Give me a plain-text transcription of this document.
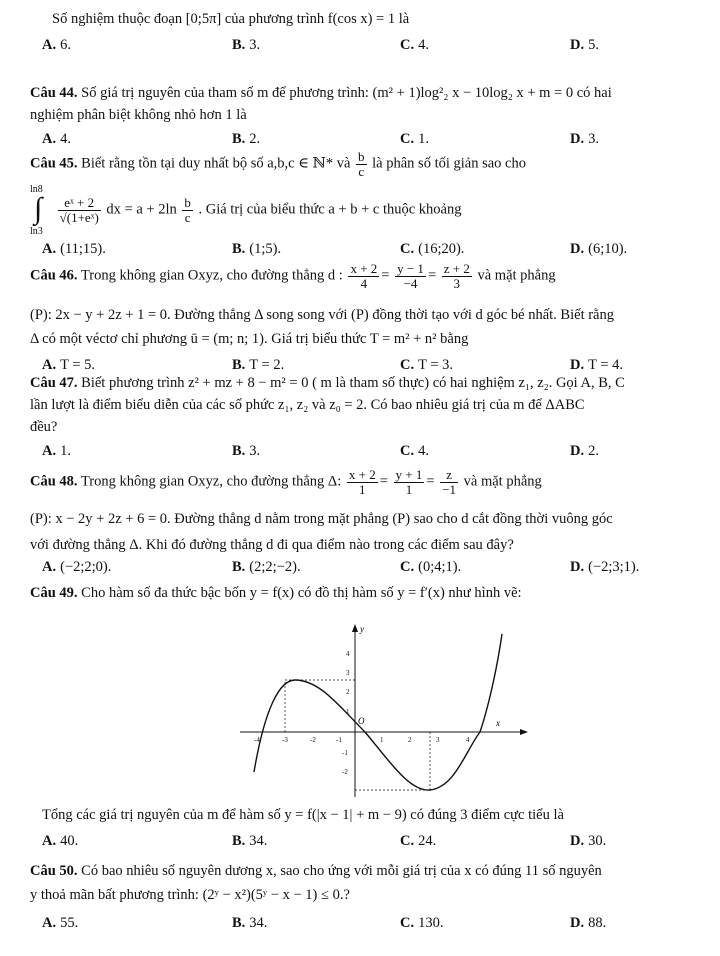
Số nghiệm thuộc đoạn [0;5π] của phương trình f(cos x) = 1 là
A. 6.	B. 3.	C. 4.	D. 5.
Câu 44. Số giá trị nguyên của tham số m để phương trình: (m² + 1)log²₂ x − 10log₂ x + m = 0 có hai
nghiệm phân biệt không nhỏ hơn 1 là
A. 4.	B. 2.	C. 1.	D. 3.
Câu 45. Biết rằng tồn tại duy nhất bộ số a,b,c ∈ ℕ* và $\frac{b}{c}$ là phân số tối giản sao cho
ln8
∫
ln3

$\frac{\text{eˣ + 2}}{\text{√(1+eˣ)}}$ dx = $a + 2\ln \frac{b}{c}$ . Giá trị của biểu thức a + b + c thuộc khoảng
A. (11;15).	B. (1;5).	C. (16;20).	D. (6;10).
Câu 46. Trong không gian Oxyz, cho đường thẳng d : $\frac{x + 2}{4} = \frac{y - 1}{-4} = \frac{z + 2}{3}$ và mặt phẳng
(P): 2x − y + 2z + 1 = 0. Đường thẳng Δ song song với (P) đồng thời tạo với d góc bé nhất. Biết rằng
Δ có một véctơ chỉ phương ū = (m; n; 1). Giá trị biểu thức T = m² + n² bằng
A. T = 5.	B. T = 2.	C. T = 3.	D. T = 4.
Câu 47. Biết phương trình z² + mz + 8 − m² = 0 ( m là tham số thực) có hai nghiệm z₁, z₂. Gọi A, B, C
lần lượt là điểm biểu diễn của các số phức z₁, z₂ và z₀ = 2. Có bao nhiêu giá trị của m để ΔABC
đều?
A. 1.	B. 3.	C. 4.	D. 2.
Câu 48. Trong không gian Oxyz, cho đường thẳng Δ: $\frac{x + 2}{1} = \frac{y + 1}{1} = \frac{z}{-1}$ và mặt phẳng
(P): x − 2y + 2z + 6 = 0. Đường thẳng d nằm trong mặt phẳng (P) sao cho d cắt đồng thời vuông góc
với đường thẳng Δ. Khi đó đường thẳng d đi qua điểm nào trong các điểm sau đây?
A. (−2;2;0).	B. (2;2;−2).	C. (0;4;1).	D. (−2;3;1).
Câu 49. Cho hàm số đa thức bậc bốn y = f(x) có đồ thị hàm số y = f′(x) như hình vẽ:
y
x
O
-4	-3	-2	-1	1	2	3	4
4
3
2
1
-1
-2
Tổng các giá trị nguyên của m để hàm số y = f(|x − 1| + m − 9) có đúng 3 điểm cực tiểu là
A. 40.	B. 34.	C. 24.	D. 30.
Câu 50. Có bao nhiêu số nguyên dương x, sao cho ứng với mỗi giá trị của x có đúng 11 số nguyên
y thoả mãn bất phương trình: (2ʸ − x²)(5ʸ − x − 1) ≤ 0.?
A. 55.	B. 34.	C. 130.	D. 88.
